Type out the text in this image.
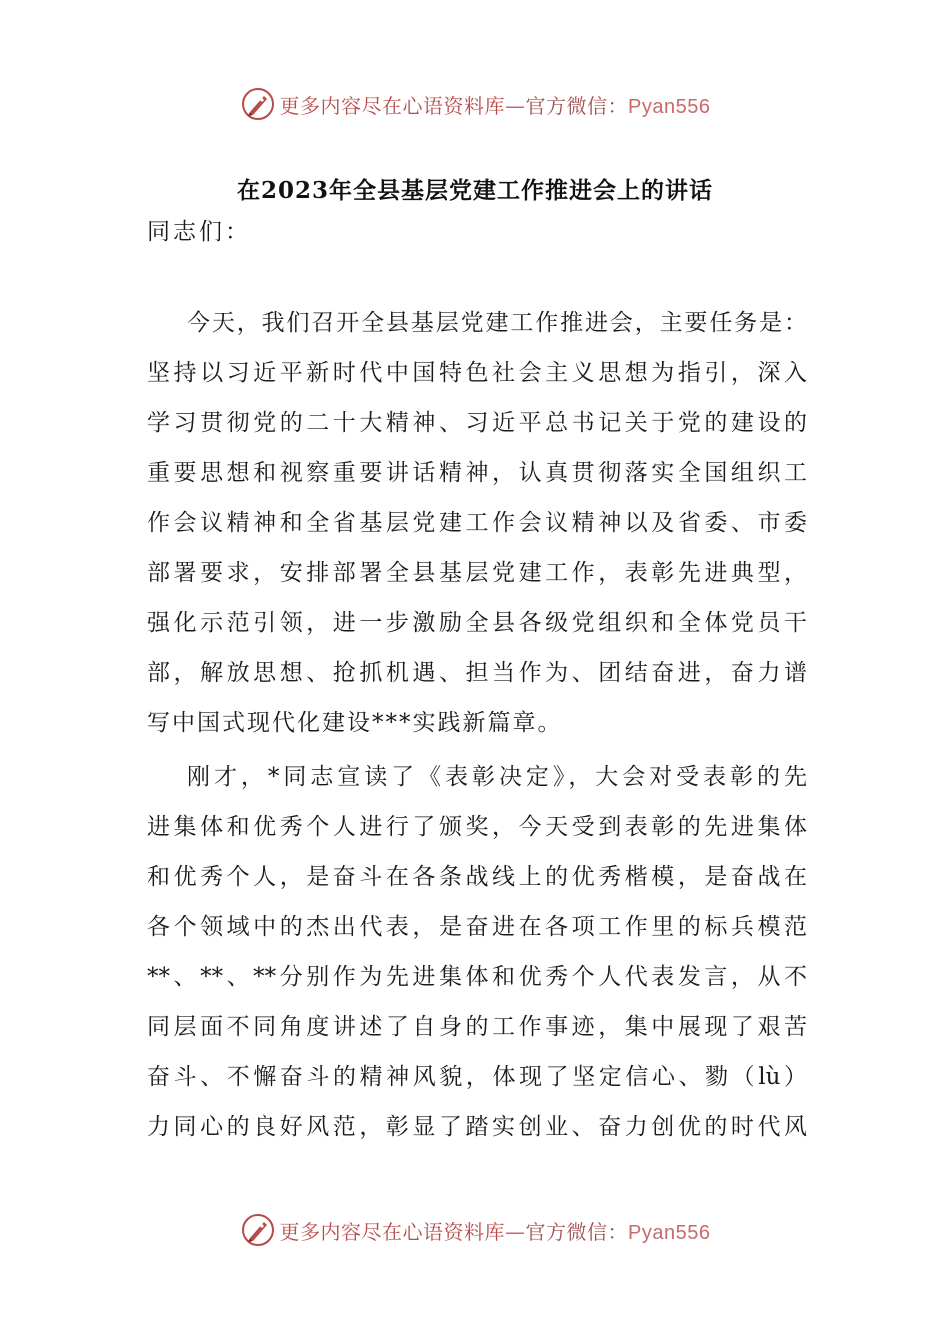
更多内容尽在心语资料库—官方微信：Pyan556
在2023年全县基层党建工作推进会上的讲话
同志们：
今天，我们召开全县基层党建工作推进会，主要任务是：
坚持以习近平新时代中国特色社会主义思想为指引，深入
学习贯彻党的二十大精神、习近平总书记关于党的建设的
重要思想和视察重要讲话精神，认真贯彻落实全国组织工
作会议精神和全省基层党建工作会议精神以及省委、市委
部署要求，安排部署全县基层党建工作，表彰先进典型，
强化示范引领，进一步激励全县各级党组织和全体党员干
部，解放思想、抢抓机遇、担当作为、团结奋进，奋力谱
写中国式现代化建设***实践新篇章。
刚才，*同志宣读了《表彰决定》，大会对受表彰的先
进集体和优秀个人进行了颁奖，今天受到表彰的先进集体
和优秀个人，是奋斗在各条战线上的优秀楷模，是奋战在
各个领域中的杰出代表，是奋进在各项工作里的标兵模范
**、**、**分别作为先进集体和优秀个人代表发言，从不
同层面不同角度讲述了自身的工作事迹，集中展现了艰苦
奋斗、不懈奋斗的精神风貌，体现了坚定信心、勠（lù）
力同心的良好风范，彰显了踏实创业、奋力创优的时代风
更多内容尽在心语资料库—官方微信：Pyan556
